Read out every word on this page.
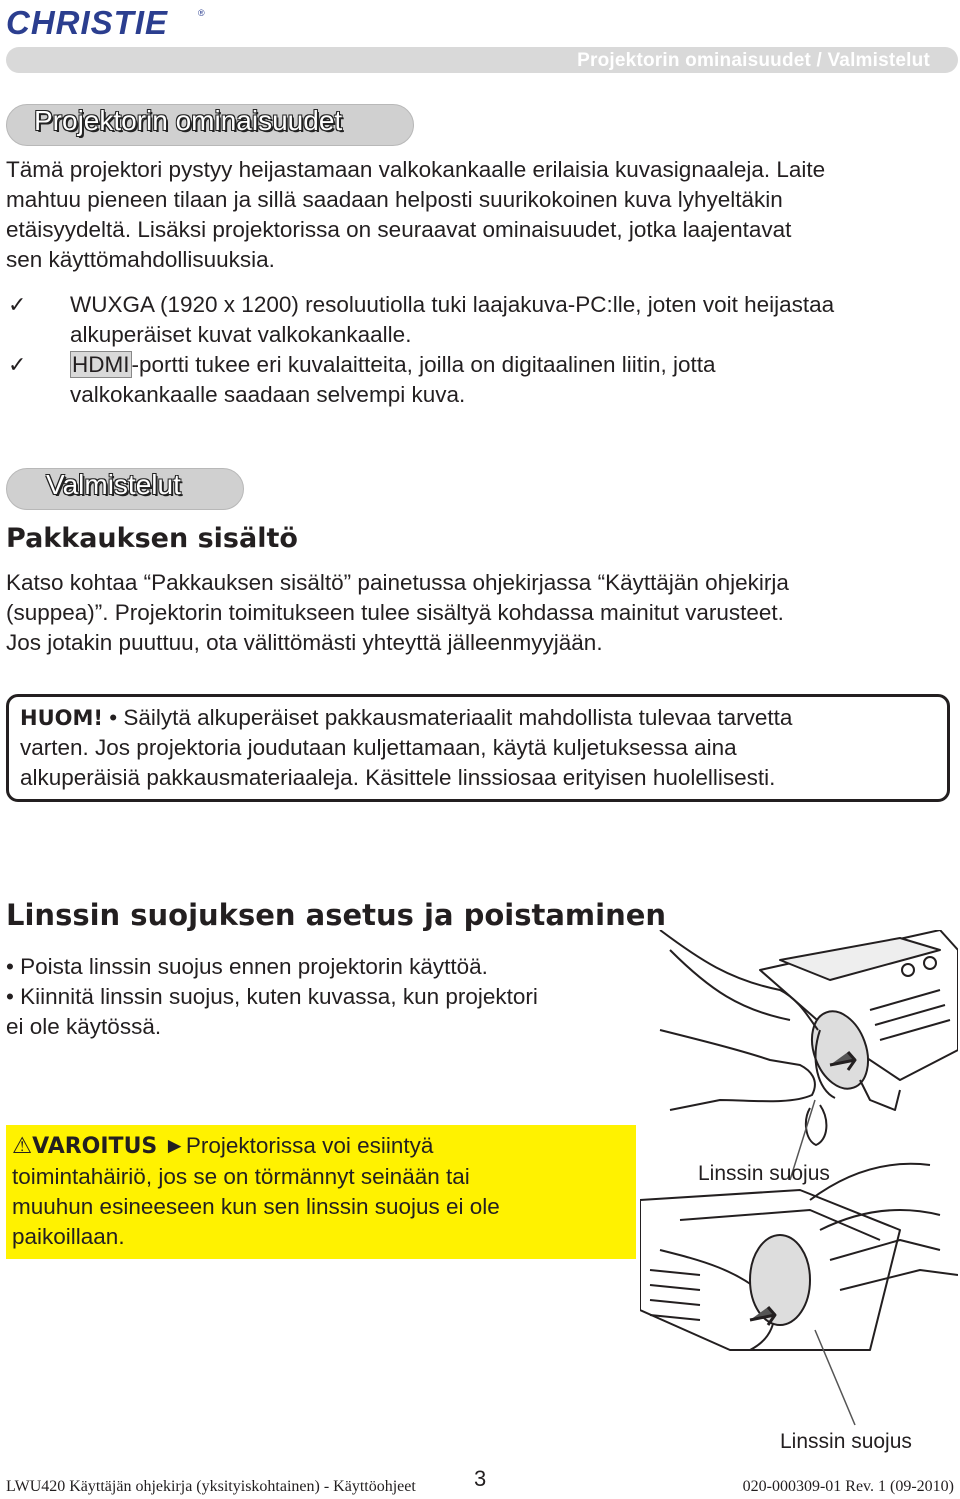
CHRISTIE	®
Projektorin ominaisuudet / Valmistelut
Projektorin ominaisuudet
Tämä projektori pystyy heijastamaan valkokankaalle erilaisia kuvasignaaleja. Laite
mahtuu pieneen tilaan ja sillä saadaan helposti suurikokoinen kuva lyhyeltäkin
etäisyydeltä. Lisäksi projektorissa on seuraavat ominaisuudet, jotka laajentavat
sen käyttömahdollisuuksia.
✓	WUXGA (1920 x 1200) resoluutiolla tuki laajakuva-PC:lle, joten voit heijastaa
alkuperäiset kuvat valkokankaalle.
✓	HDMI-portti tukee eri kuvalaitteita, joilla on digitaalinen liitin, jotta
valkokankaalle saadaan selvempi kuva.
Valmistelut
Pakkauksen sisältö
Katso kohtaa “Pakkauksen sisältö” painetussa ohjekirjassa “Käyttäjän ohjekirja
(suppea)”. Projektorin toimitukseen tulee sisältyä kohdassa mainitut varusteet.
Jos jotakin puuttuu, ota välittömästi yhteyttä jälleenmyyjään.
HUOM! • Säilytä alkuperäiset pakkausmateriaalit mahdollista tulevaa tarvetta
varten. Jos projektoria joudutaan kuljettamaan, käytä kuljetuksessa aina
alkuperäisiä pakkausmateriaaleja. Käsittele linssiosaa erityisen huolellisesti.
Linssin suojuksen asetus ja poistaminen
• Poista linssin suojus ennen projektorin käyttöä.
• Kiinnitä linssin suojus, kuten kuvassa, kun projektori
ei ole käytössä.
⚠VAROITUS ►Projektorissa voi esiintyä
toimintahäiriö, jos se on törmännyt seinään tai
muuhun esineeseen kun sen linssin suojus ei ole
paikoillaan.
Linssin suojus
Linssin suojus
LWU420 Käyttäjän ohjekirja (yksityiskohtainen) - Käyttöohjeet	3	020-000309-01 Rev. 1 (09-2010)
